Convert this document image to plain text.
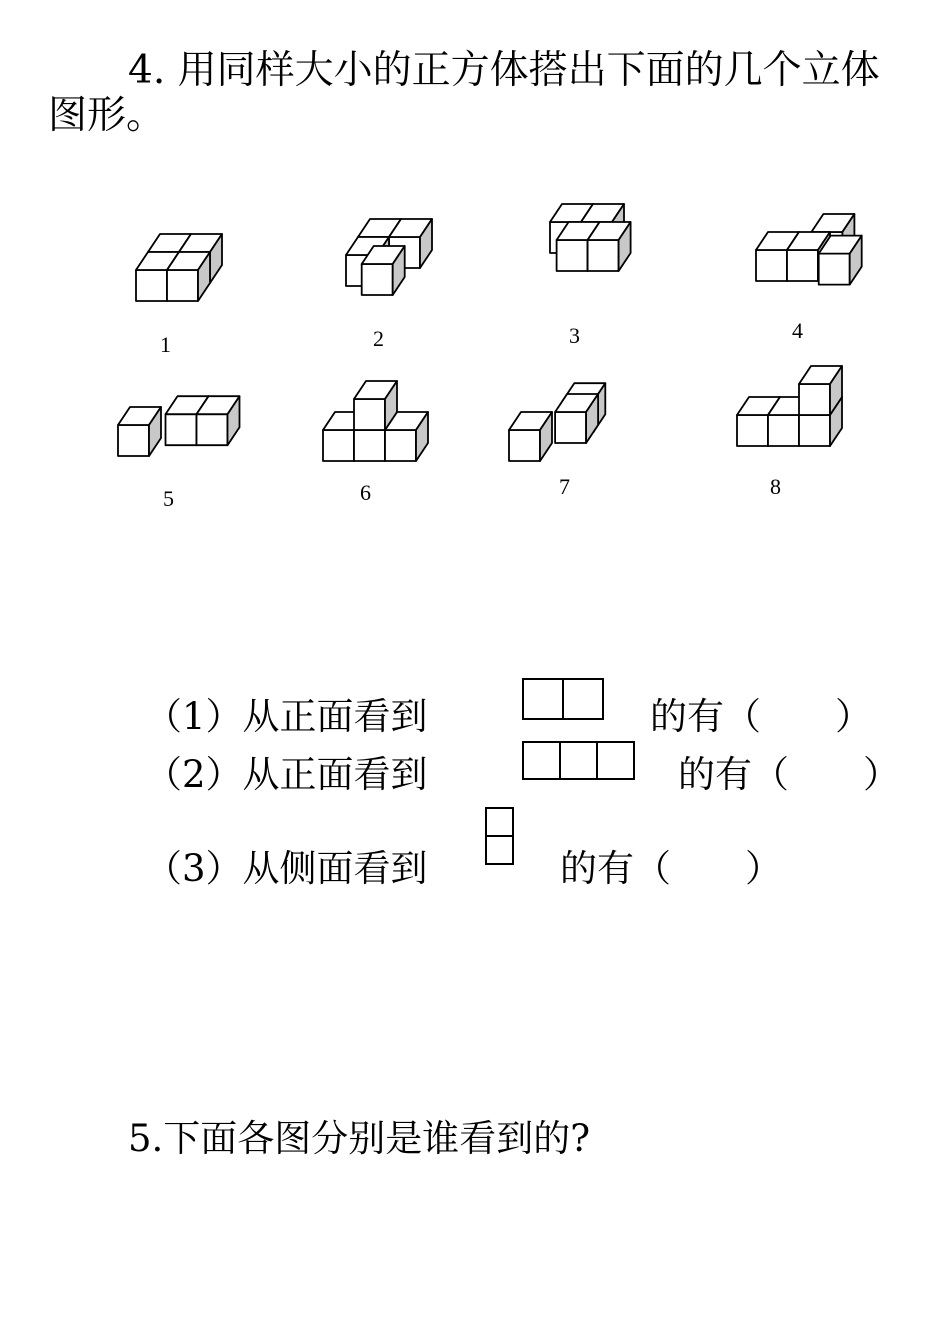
4. 用同样大小的正方体搭出下面的几个立体图形。

1	2	3	4
5	6	7	8
（1）从正面看到	的有（　　）
（2）从正面看到	的有（　　）
（3）从侧面看到	的有（　　）

5.下面各图分别是谁看到的?
